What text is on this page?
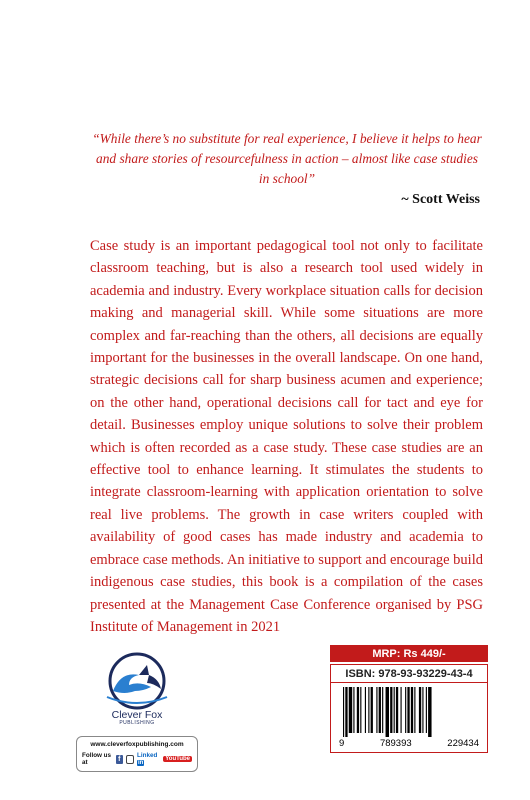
“While there’s no substitute for real experience, I believe it helps to hear and share stories of resourcefulness in action – almost like case studies in school”

~ Scott Weiss

Case study is an important pedagogical tool not only to facilitate classroom teaching, but is also a research tool used widely in academia and industry. Every workplace situation calls for decision making and managerial skill. While some situations are more complex and far-reaching than the others, all decisions are equally important for the businesses in the overall landscape. On one hand, strategic decisions call for sharp business acumen and experience; on the other hand, operational decisions call for tact and eye for detail. Businesses employ unique solutions to solve their problem which is often recorded as a case study. These case studies are an effective tool to enhance learning. It stimulates the students to integrate classroom-learning with application orientation to solve real live problems. The growth in case writers coupled with availability of good cases has made industry and academia to embrace case methods. An initiative to support and encourage build indigenous case studies, this book is a compilation of the cases presented at the Management Case Conference organised by PSG Institute of Management in 2021

Clever Fox
PUBLISHING
www.cleverfoxpublishing.com
Follow us at	f	Linkedin
YouTube
MRP: Rs 449/-
ISBN: 978-93-93229-43-4
9	789393	229434
